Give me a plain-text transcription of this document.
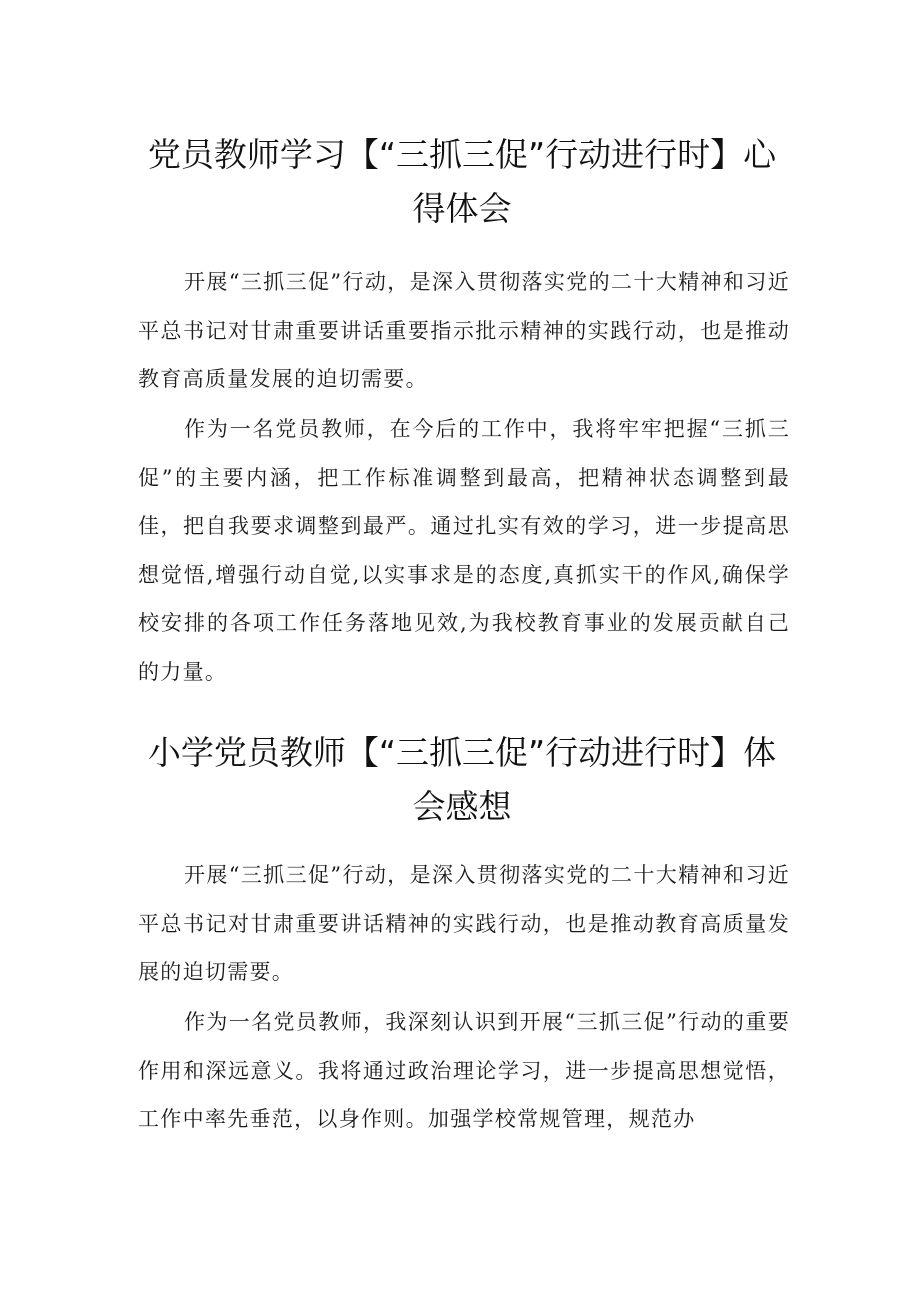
党员教师学习【“三抓三促”行动进行时】心得体会

开展“三抓三促”行动，是深入贯彻落实党的二十大精神和习近平总书记对甘肃重要讲话重要指示批示精神的实践行动，也是推动教育高质量发展的迫切需要。

作为一名党员教师，在今后的工作中，我将牢牢把握“三抓三促”的主要内涵，把工作标准调整到最高，把精神状态调整到最佳，把自我要求调整到最严。通过扎实有效的学习，进一步提高思想觉悟,增强行动自觉,以实事求是的态度,真抓实干的作风,确保学校安排的各项工作任务落地见效,为我校教育事业的发展贡献自己的力量。

小学党员教师【“三抓三促”行动进行时】体会感想

开展“三抓三促”行动，是深入贯彻落实党的二十大精神和习近平总书记对甘肃重要讲话精神的实践行动，也是推动教育高质量发展的迫切需要。

作为一名党员教师，我深刻认识到开展“三抓三促”行动的重要作用和深远意义。我将通过政治理论学习，进一步提高思想觉悟，工作中率先垂范，以身作则。加强学校常规管理，规范办
